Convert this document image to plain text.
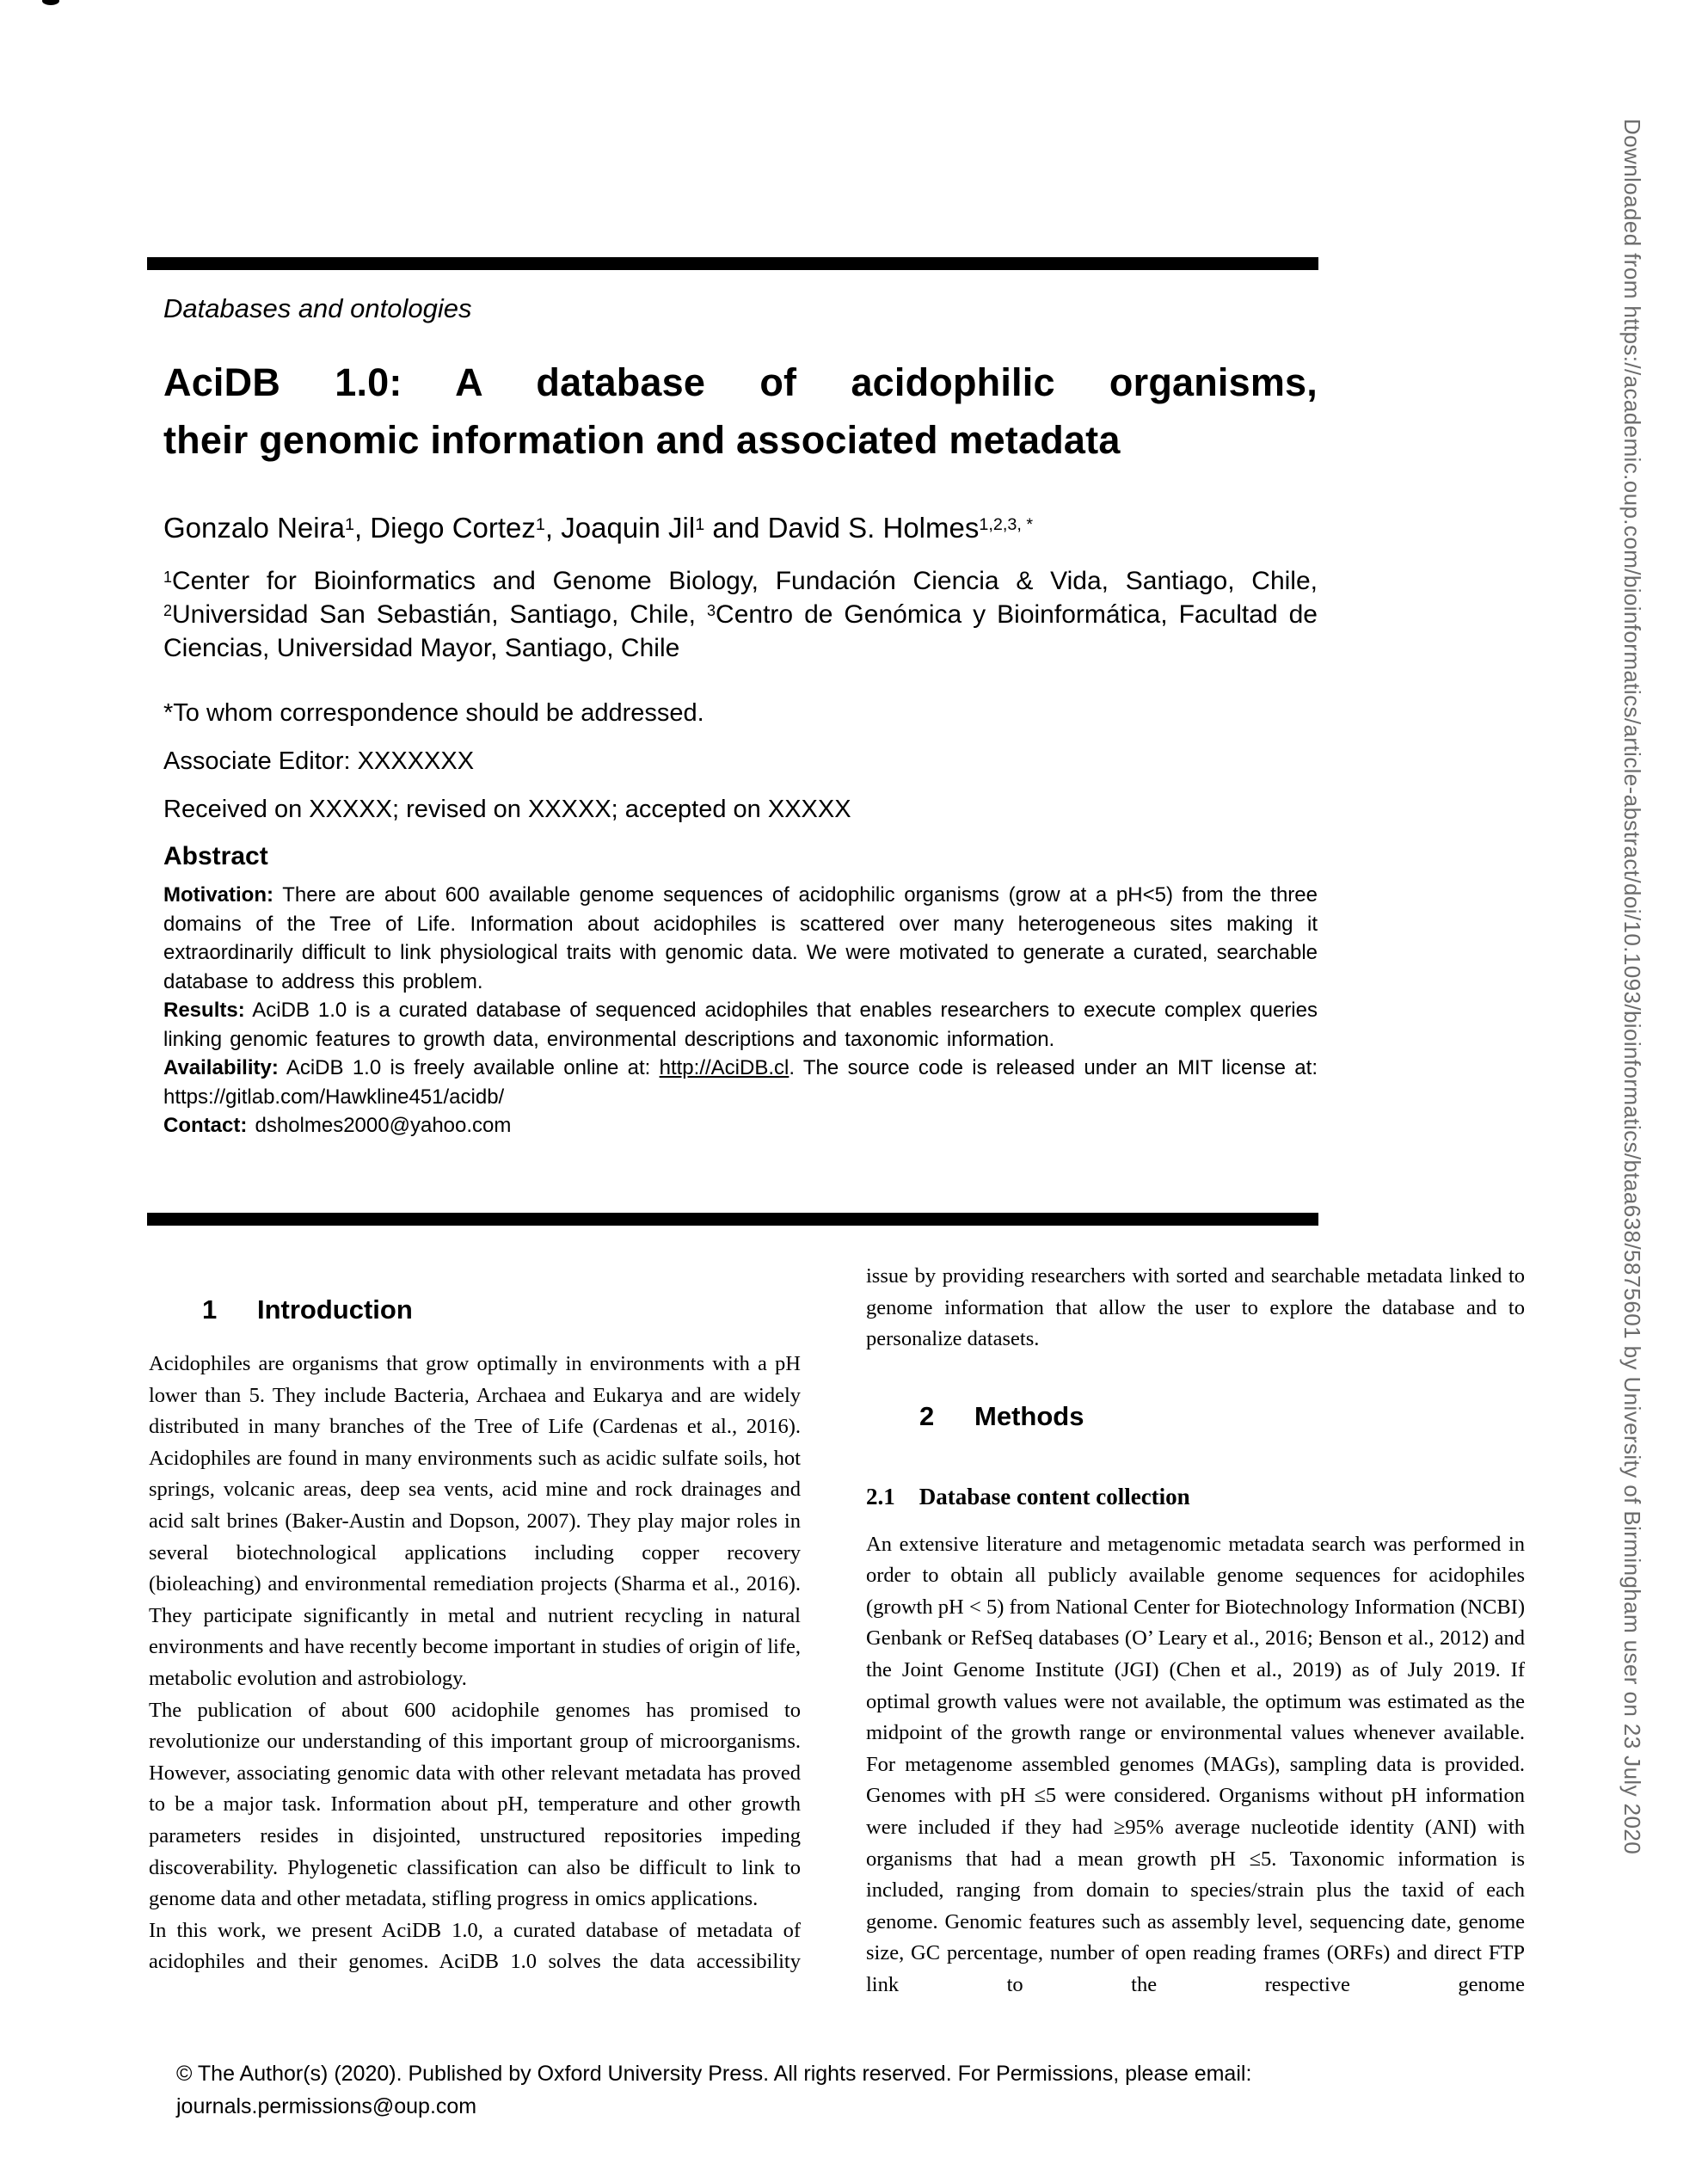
Databases and ontologies
AciDB 1.0: A database of acidophilic organisms,
their genomic information and associated metadata
Gonzalo Neira$^1$, Diego Cortez$^1$, Joaquin Jil$^1$ and David S. Holmes$^{1,2,3, *}$
$^1$Center for Bioinformatics and Genome Biology, Fundación Ciencia & Vida, Santiago, Chile, $^2$Universidad San Sebastián, Santiago, Chile, $^3$Centro de Genómica y Bioinformática, Facultad de Ciencias, Universidad Mayor, Santiago, Chile
*To whom correspondence should be addressed.
Associate Editor: XXXXXXX
Received on XXXXX; revised on XXXXX; accepted on XXXXX
Abstract

Motivation: There are about 600 available genome sequences of acidophilic organisms (grow at a pH<5) from the three domains of the Tree of Life. Information about acidophiles is scattered over many heterogeneous sites making it extraordinarily difficult to link physiological traits with genomic data. We were motivated to generate a curated, searchable database to address this problem.

Results: AciDB 1.0 is a curated database of sequenced acidophiles that enables researchers to execute complex queries linking genomic features to growth data, environmental descriptions and taxonomic information.

Availability: AciDB 1.0 is freely available online at: http://AciDB.cl. The source code is released under an MIT license at: https://gitlab.com/Hawkline451/acidb/

Contact: dsholmes2000@yahoo.com

1 Introduction

Acidophiles are organisms that grow optimally in environments with a pH lower than 5. They include Bacteria, Archaea and Eukarya and are widely distributed in many branches of the Tree of Life (Cardenas et al., 2016). Acidophiles are found in many environments such as acidic sulfate soils, hot springs, volcanic areas, deep sea vents, acid mine and rock drainages and acid salt brines (Baker-Austin and Dopson, 2007). They play major roles in several biotechnological applications including copper recovery (bioleaching) and environmental remediation projects (Sharma et al., 2016). They participate significantly in metal and nutrient recycling in natural environments and have recently become important in studies of origin of life, metabolic evolution and astrobiology.

The publication of about 600 acidophile genomes has promised to revolutionize our understanding of this important group of microorganisms. However, associating genomic data with other relevant metadata has proved to be a major task. Information about pH, temperature and other growth parameters resides in disjointed, unstructured repositories impeding discoverability. Phylogenetic classification can also be difficult to link to genome data and other metadata, stifling progress in omics applications.

In this work, we present AciDB 1.0, a curated database of metadata of acidophiles and their genomes. AciDB 1.0 solves the data accessibility

issue by providing researchers with sorted and searchable metadata linked to genome information that allow the user to explore the database and to personalize datasets.

2 Methods
2.1 Database content collection

An extensive literature and metagenomic metadata search was performed in order to obtain all publicly available genome sequences for acidophiles (growth pH < 5) from National Center for Biotechnology Information (NCBI) Genbank or RefSeq databases (O’ Leary et al., 2016; Benson et al., 2012) and the Joint Genome Institute (JGI) (Chen et al., 2019) as of July 2019. If optimal growth values were not available, the optimum was estimated as the midpoint of the growth range or environmental values whenever available. For metagenome assembled genomes (MAGs), sampling data is provided. Genomes with pH ≤5 were considered. Organisms without pH information were included if they had ≥95% average nucleotide identity (ANI) with organisms that had a mean growth pH ≤5. Taxonomic information is included, ranging from domain to species/strain plus the taxid of each genome. Genomic features such as assembly level, sequencing date, genome size, GC percentage, number of open reading frames (ORFs) and direct FTP link to the respective genome

© The Author(s) (2020). Published by Oxford University Press. All rights reserved. For Permissions, please email:
journals.permissions@oup.com
Downloaded from https://academic.oup.com/bioinformatics/article-abstract/doi/10.1093/bioinformatics/btaa638/5875601 by University of Birmingham user on 23 July 2020
